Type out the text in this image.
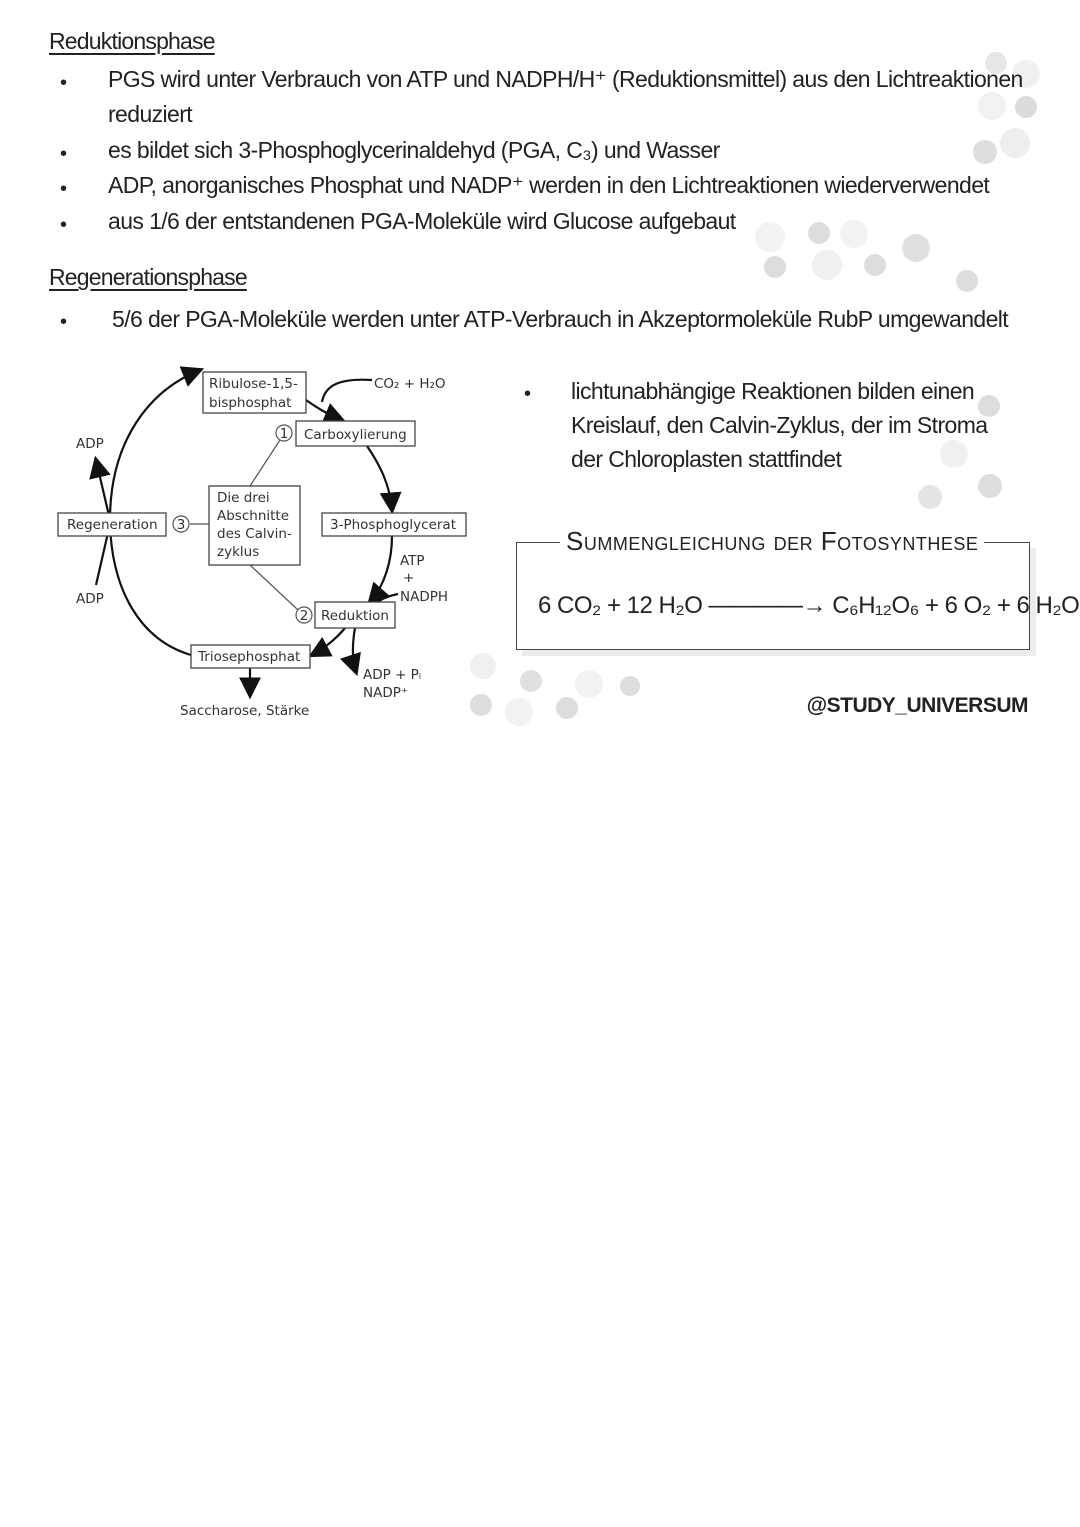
Reduktionsphase
• PGS wird unter Verbrauch von ATP und NADPH/H⁺ (Reduktionsmittel) aus den Lichtreaktionen
reduziert
• es bildet sich 3-Phosphoglycerinaldehyd (PGA, C₃) und Wasser
• ADP, anorganisches Phosphat und NADP⁺ werden in den Lichtreaktionen wiederverwendet
• aus 1/6 der entstandenen PGA-Moleküle wird Glucose aufgebaut
Regenerationsphase
• 5/6 der PGA-Moleküle werden unter ATP-Verbrauch in Akzeptormoleküle RubP umgewandelt
Ribulose-1,5-
bisphosphat
CO₂ + H₂O
1 Carboxylierung
ADP
Regeneration 3
Die drei
Abschnitte
des Calvin-
zyklus
3-Phosphoglycerat
ATP
+
NADPH
ADP
2 Reduktion
Triosephosphat
ADP + Pᵢ
NADP⁺
Saccharose, Stärke
• lichtunabhängige Reaktionen bilden einen
Kreislauf, den Calvin-Zyklus, der im Stroma
der Chloroplasten stattfindet
Summengleichung der Fotosynthese
6 CO₂ + 12 H₂O ――――→ C₆H₁₂O₆ + 6 O₂ + 6 H₂O
@STUDY_UNIVERSUM
